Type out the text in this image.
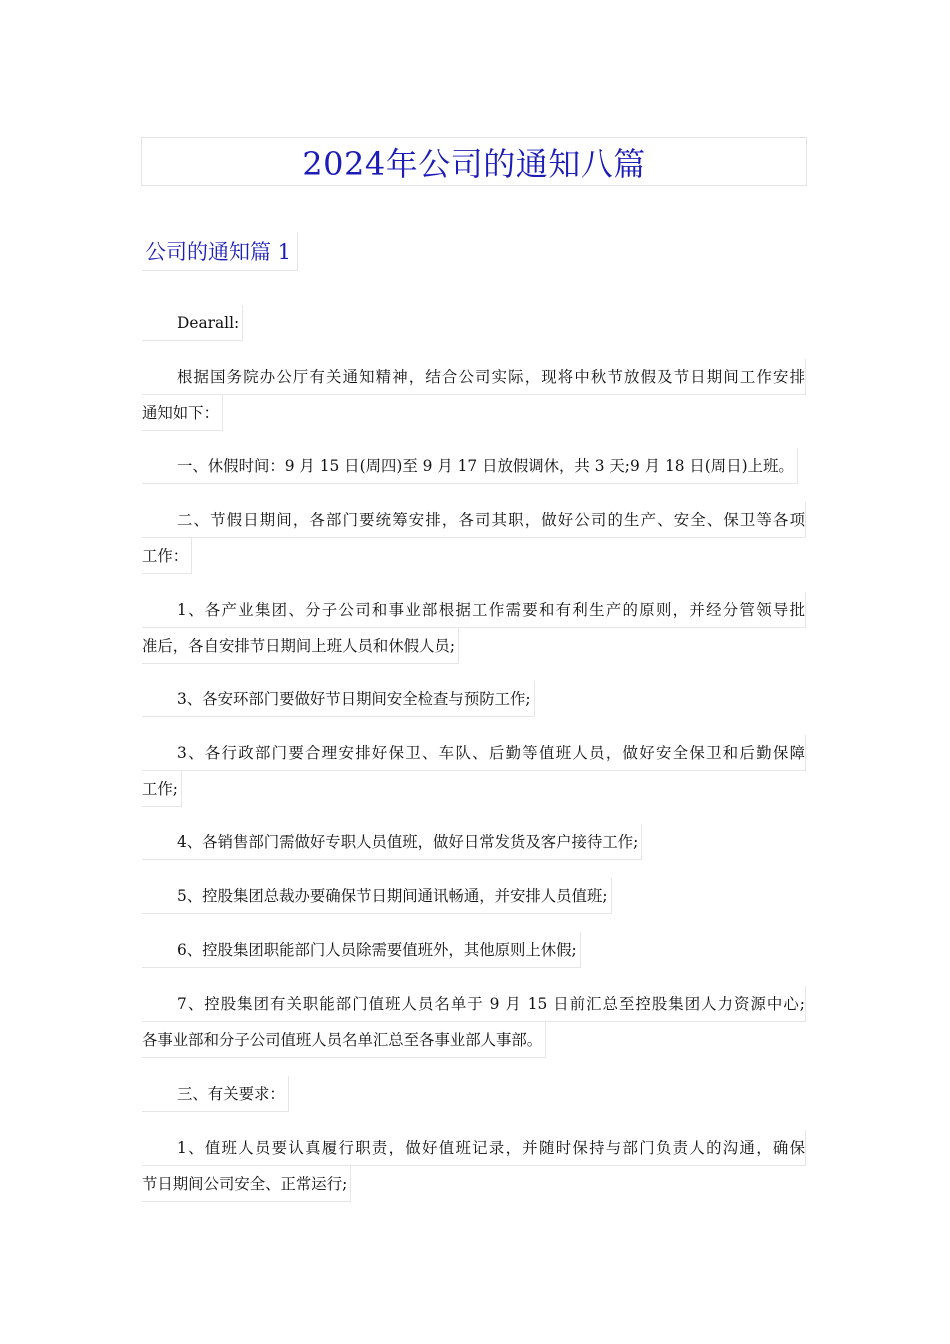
2024年公司的通知八篇
公司的通知篇 1
Dearall:
根据国务院办公厅有关通知精神，结合公司实际，现将中秋节放假及节日期间工作安排
通知如下：
一、休假时间：9 月 15 日(周四)至 9 月 17 日放假调休，共 3 天;9 月 18 日(周日)上班。
二、节假日期间，各部门要统筹安排，各司其职，做好公司的生产、安全、保卫等各项
工作：
1、各产业集团、分子公司和事业部根据工作需要和有利生产的原则，并经分管领导批
准后，各自安排节日期间上班人员和休假人员;
3、各安环部门要做好节日期间安全检查与预防工作;
3、各行政部门要合理安排好保卫、车队、后勤等值班人员，做好安全保卫和后勤保障
工作;
4、各销售部门需做好专职人员值班，做好日常发货及客户接待工作;
5、控股集团总裁办要确保节日期间通讯畅通，并安排人员值班;
6、控股集团职能部门人员除需要值班外，其他原则上休假;
7、控股集团有关职能部门值班人员名单于 9 月 15 日前汇总至控股集团人力资源中心;
各事业部和分子公司值班人员名单汇总至各事业部人事部。
三、有关要求：
1、值班人员要认真履行职责，做好值班记录，并随时保持与部门负责人的沟通，确保
节日期间公司安全、正常运行;
